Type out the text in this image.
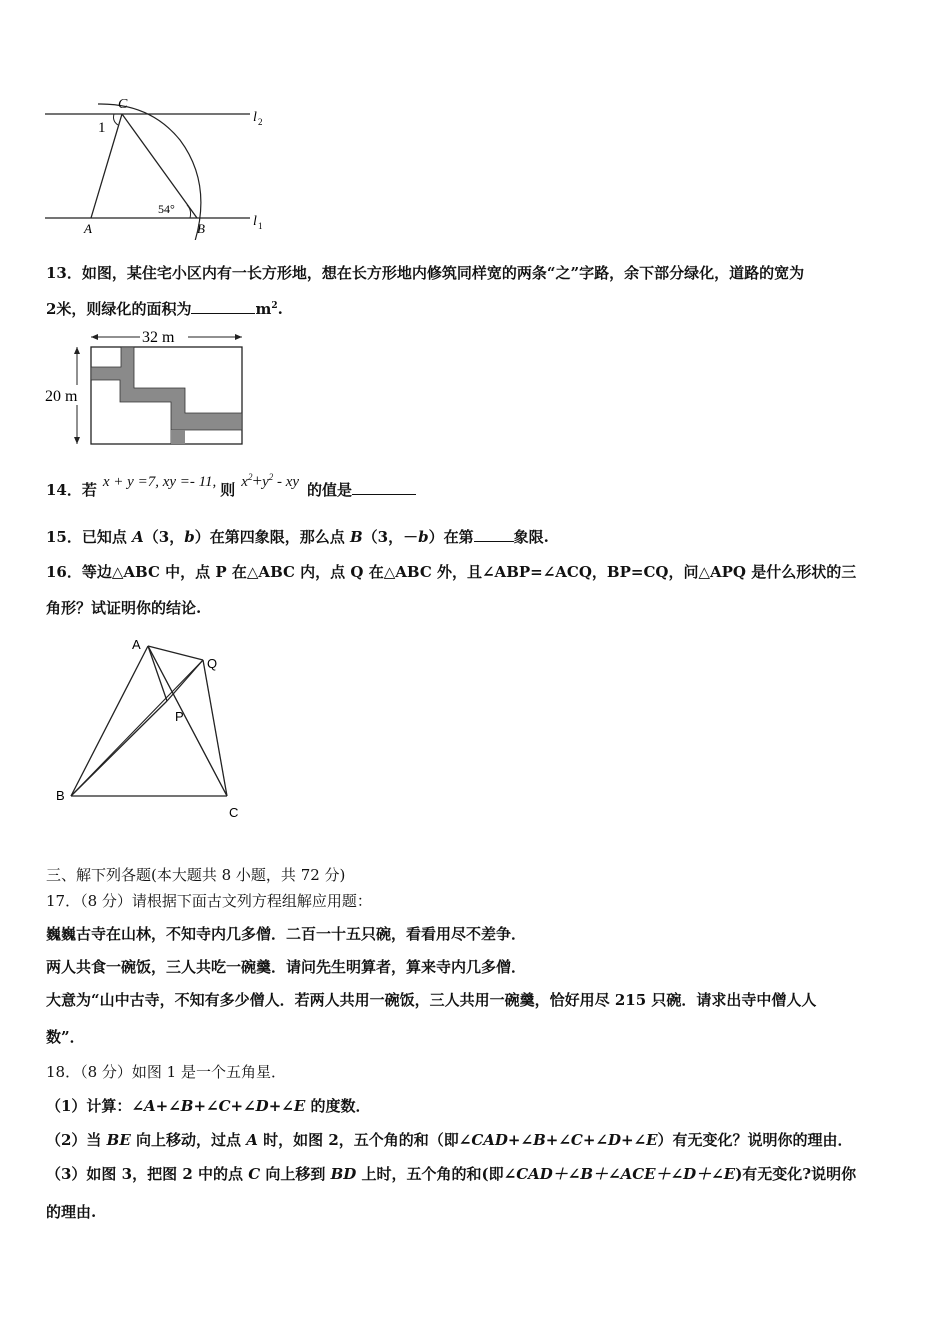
C
1
l 2
l 1
A	B
54°
13．如图，某住宅小区内有一长方形地，想在长方形地内修筑同样宽的两条“之”字路，余下部分绿化，道路的宽为
2米，则绿化的面积为	$m^2$.
32 m
20 m
14．若 x + y =7, xy =- 11, 则 $x^2+y^2$ - xy 的值是
15．已知点 A（3，b）在第四象限，那么点 B（3，－b）在第	象限.
16．等边△ABC 中，点 P 在△ABC 内，点 Q 在△ABC 外，且∠ABP=∠ACQ，BP=CQ，问△APQ 是什么形状的三
角形？试证明你的结论.
A
Q
P
B
C
三、解下列各题(本大题共 8 小题，共 72 分)
17．（8 分）请根据下面古文列方程组解应用题：
巍巍古寺在山林，不知寺内几多僧．二百一十五只碗，看看用尽不差争．
两人共食一碗饭，三人共吃一碗羹．请问先生明算者，算来寺内几多僧．
大意为“山中古寺，不知有多少僧人．若两人共用一碗饭，三人共用一碗羹，恰好用尽 215 只碗．请求出寺中僧人人
数”．
18．（8 分）如图 1 是一个五角星．
（1）计算：∠A+∠B+∠C+∠D+∠E 的度数．
（2）当 BE 向上移动，过点 A 时，如图 2，五个角的和（即∠CAD+∠B+∠C+∠D+∠E）有无变化？说明你的理由．
（3）如图 3，把图 2 中的点 C 向上移到 BD 上时，五个角的和(即∠CAD＋∠B＋∠ACE＋∠D＋∠E)有无变化?说明你
的理由.
